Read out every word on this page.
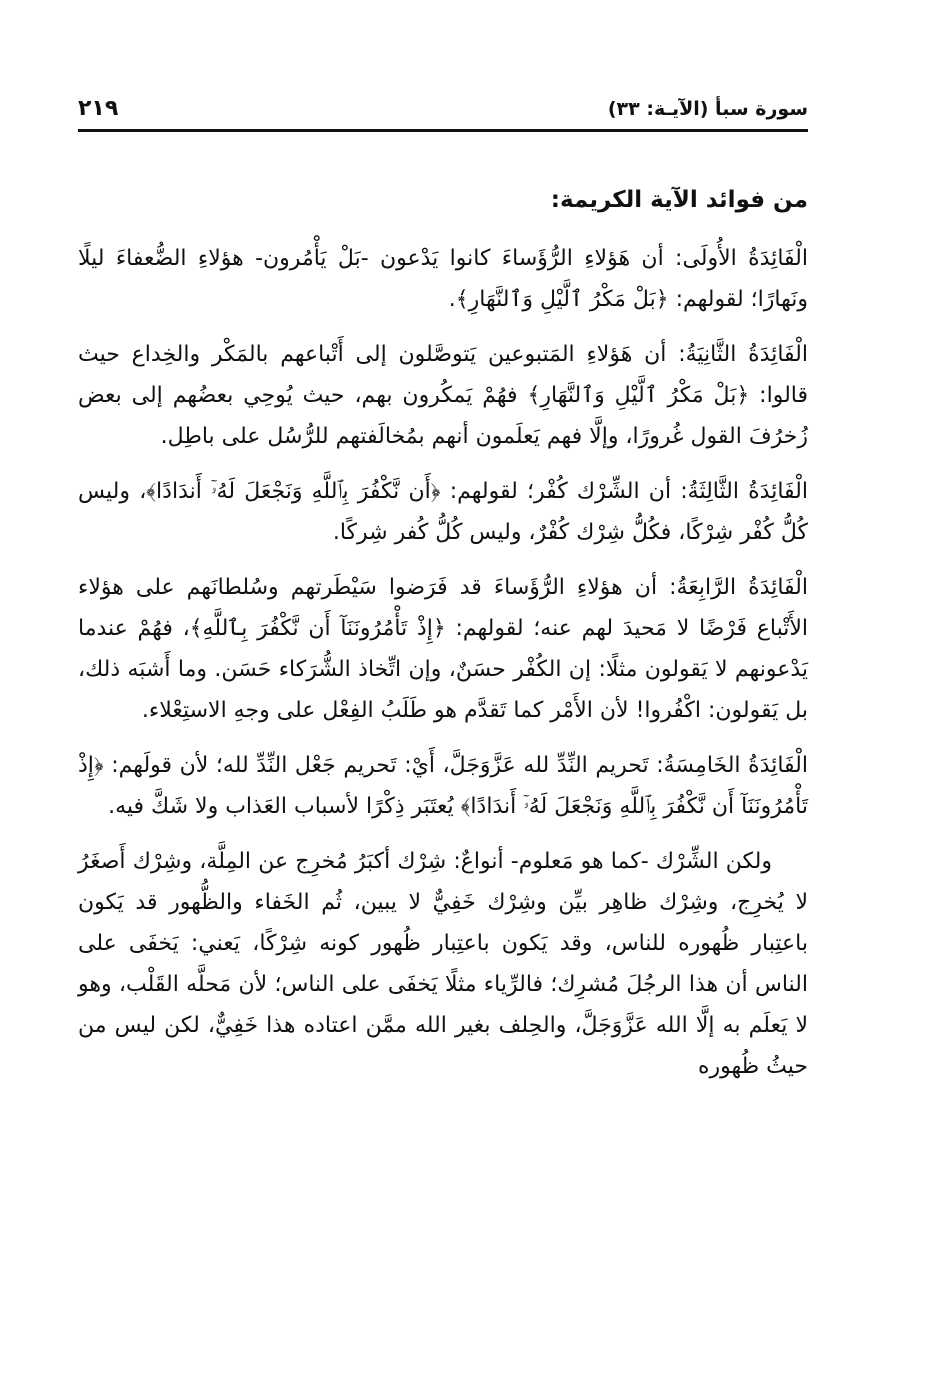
سورة سبأ (الآيـة: ٣٣)
٢١٩
من فوائد الآية الكريمة:

الْفَائِدَةُ الأُولَى: أن هَؤلاءِ الرُّؤَساءَ كانوا يَدْعون -بَلْ يَأْمُرون- هؤلاءِ الضُّعفاءَ ليلًا ونَهارًا؛ لقولهم: ﴿بَلْ مَكْرُ ٱلَّيْلِ وَٱلنَّهَارِ﴾.

الْفَائِدَةُ الثَّانِيَةُ: أن هَؤلاءِ المَتبوعين يَتوصَّلون إلى أَتْباعهم بالمَكْر والخِداع حيث قالوا: ﴿بَلْ مَكْرُ ٱلَّيْلِ وَٱلنَّهَارِ﴾ فهُمْ يَمكُرون بهم، حيث يُوحِي بعضُهم إلى بعض زُخرُفَ القول غُرورًا، وإلَّا فهم يَعلَمون أنهم بمُخالَفتهم للرُّسُل على باطِل.

الْفَائِدَةُ الثَّالِثَةُ: أن الشِّرْك كُفْر؛ لقولهم: ﴿أَن نَّكْفُرَ بِٱللَّهِ وَنَجْعَلَ لَهُۥٓ أَندَادًا﴾، وليس كُلُّ كُفْر شِرْكًا، فكُلُّ شِرْك كُفْرٌ، وليس كُلُّ كُفر شِركًا.

الْفَائِدَةُ الرَّابِعَةُ: أن هؤلاءِ الرُّؤَساءَ قد فَرَضوا سَيْطَرتهم وسُلطانَهم على هؤلاء الأَتْباع فَرْضًا لا مَحيدَ لهم عنه؛ لقولهم: ﴿إِذْ تَأْمُرُونَنَآ أَن نَّكْفُرَ بِٱللَّهِ﴾، فهُمْ عندما يَدْعونهم لا يَقولون مثلًا: إن الكُفْر حسَنٌ، وإن اتِّخاذ الشُّرَكاء حَسَن. وما أَشبَه ذلك، بل يَقولون: اكْفُروا! لأن الأَمْر كما تَقدَّم هو طَلَبُ الفِعْل على وجهِ الاستِعْلاء.

الْفَائِدَةُ الخَامِسَةُ: تَحريم النِّدِّ لله عَزَّوَجَلَّ، أَيْ: تَحريم جَعْل النِّدِّ لله؛ لأن قولَهم: ﴿إِذْ تَأْمُرُونَنَآ أَن نَّكْفُرَ بِٱللَّهِ وَنَجْعَلَ لَهُۥٓ أَندَادًا﴾ يُعتَبَر ذِكْرًا لأسباب العَذاب ولا شَكَّ فيه.

ولكن الشِّرْك -كما هو مَعلوم- أنواعٌ: شِرْك أكبَرُ مُخرِج عن المِلَّة، وشِرْك أَصغَرُ لا يُخرِج، وشِرْك ظاهِر بيِّن وشِرْك خَفِيٌّ لا يبين، ثُم الخَفاء والظُّهور قد يَكون باعتِبار ظُهوره للناس، وقد يَكون باعتِبار ظُهور كونه شِرْكًا، يَعني: يَخفَى على الناس أن هذا الرجُلَ مُشرِك؛ فالرِّياء مثلًا يَخفَى على الناس؛ لأن مَحلَّه القَلْب، وهو لا يَعلَم به إلَّا الله عَزَّوَجَلَّ، والحِلف بغير الله ممَّن اعتاده هذا خَفِيٌّ، لكن ليس من حيثُ ظُهوره
